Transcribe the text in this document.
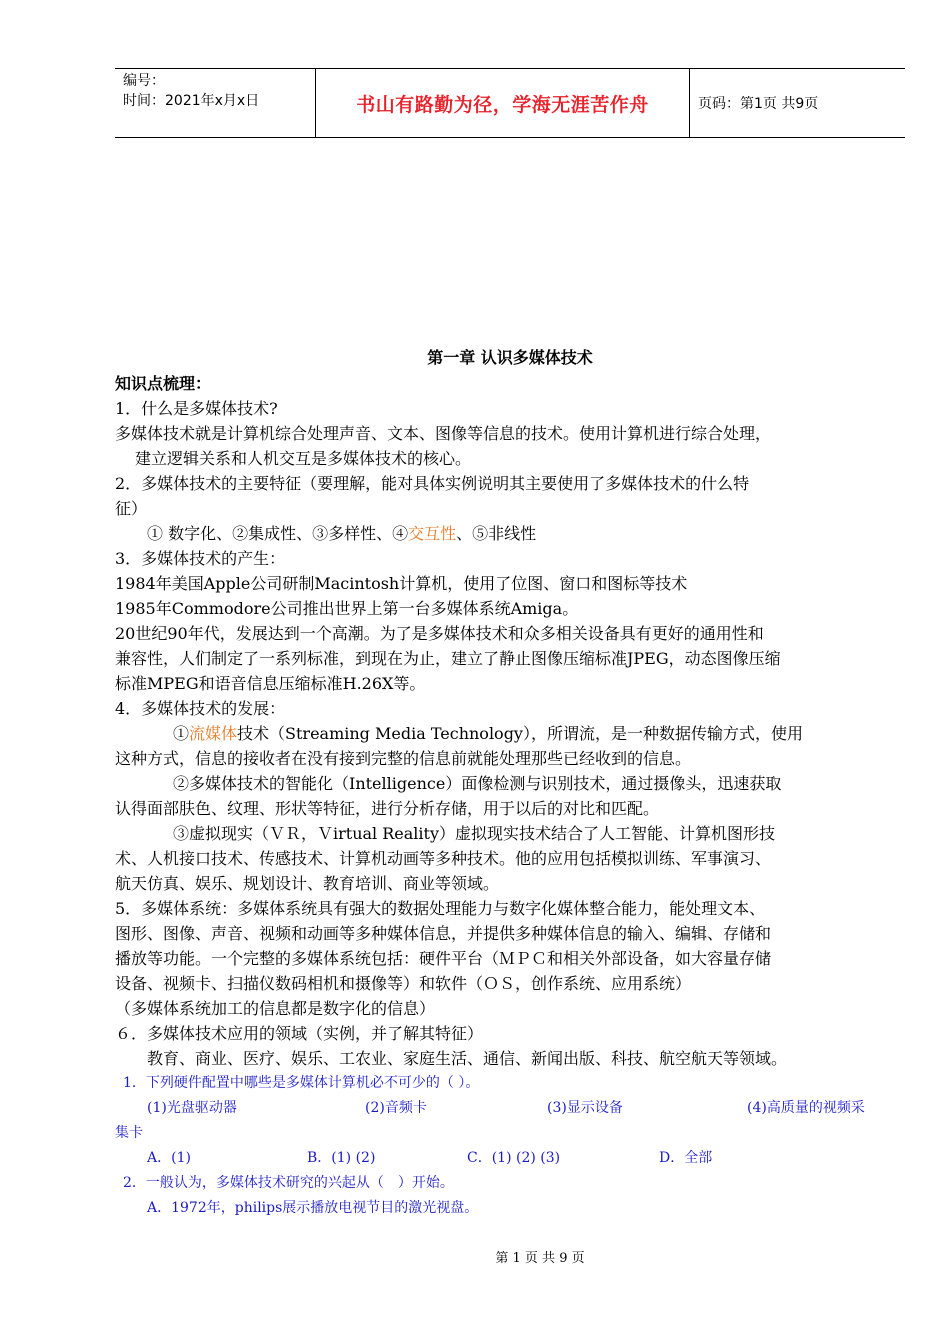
编号：
时间：2021年x月x日	书山有路勤为径，学海无涯苦作舟	页码：第1页 共9页
第一章 认识多媒体技术
知识点梳理：
1．什么是多媒体技术?
多媒体技术就是计算机综合处理声音、文本、图像等信息的技术。使用计算机进行综合处理，
建立逻辑关系和人机交互是多媒体技术的核心。
2．多媒体技术的主要特征（要理解，能对具体实例说明其主要使用了多媒体技术的什么特
征）
① 数字化、②集成性、③多样性、④交互性、⑤非线性
3．多媒体技术的产生：
1984年美国Apple公司研制Macintosh计算机，使用了位图、窗口和图标等技术
1985年Commodore公司推出世界上第一台多媒体系统Amiga。
20世纪90年代，发展达到一个高潮。为了是多媒体技术和众多相关设备具有更好的通用性和
兼容性，人们制定了一系列标准，到现在为止，建立了静止图像压缩标准JPEG，动态图像压缩
标准MPEG和语音信息压缩标准H.26X等。
4．多媒体技术的发展：
①流媒体技术（Streaming Media Technology），所谓流，是一种数据传输方式，使用
这种方式，信息的接收者在没有接到完整的信息前就能处理那些已经收到的信息。
②多媒体技术的智能化（Intelligence）面像检测与识别技术，通过摄像头，迅速获取
认得面部肤色、纹理、形状等特征，进行分析存储，用于以后的对比和匹配。
③虚拟现实（ＶＲ，Ｖirtual Reality）虚拟现实技术结合了人工智能、计算机图形技
术、人机接口技术、传感技术、计算机动画等多种技术。他的应用包括模拟训练、军事演习、
航天仿真、娱乐、规划设计、教育培训、商业等领域。
5．多媒体系统：多媒体系统具有强大的数据处理能力与数字化媒体整合能力，能处理文本、
图形、图像、声音、视频和动画等多种媒体信息，并提供多种媒体信息的输入、编辑、存储和
播放等功能。一个完整的多媒体系统包括：硬件平台（ＭＰＣ和相关外部设备，如大容量存储
设备、视频卡、扫描仪数码相机和摄像等）和软件（ＯＳ，创作系统、应用系统）
（多媒体系统加工的信息都是数字化的信息）
６．多媒体技术应用的领域（实例，并了解其特征）
教育、商业、医疗、娱乐、工农业、家庭生活、通信、新闻出版、科技、航空航天等领域。
1．下列硬件配置中哪些是多媒体计算机必不可少的（ ）。
(1)光盘驱动器	(2)音频卡	(3)显示设备	(4)高质量的视频采
集卡
A．(1)	B．(1) (2)	C．(1) (2) (3)	D．全部
2．一般认为，多媒体技术研究的兴起从（　）开始。
A．1972年，philips展示播放电视节目的激光视盘。
第 1 页 共 9 页
